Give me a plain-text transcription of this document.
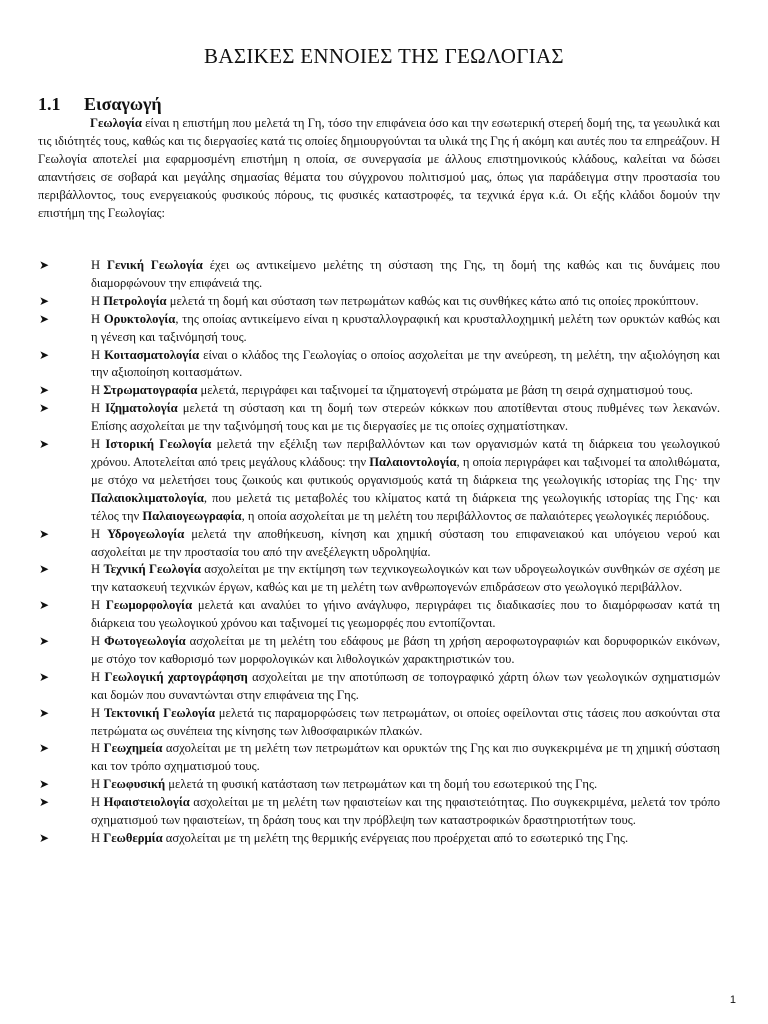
ΒΑΣΙΚΕΣ ΕΝΝΟΙΕΣ ΤΗΣ ΓΕΩΛΟΓΙΑΣ
1.1 Εισαγωγή
Γεωλογία είναι η επιστήμη που μελετά τη Γη, τόσο την επιφάνεια όσο και την εσωτερική στερεή δομή της, τα γεωυλικά και τις ιδιότητές τους, καθώς και τις διεργασίες κατά τις οποίες δημιουργούνται τα υλικά της Γης ή ακόμη και αυτές που τα επηρεάζουν. Η Γεωλογία αποτελεί μια εφαρμοσμένη επιστήμη η οποία, σε συνεργασία με άλλους επιστημονικούς κλάδους, καλείται να δώσει απαντήσεις σε σοβαρά και μεγάλης σημασίας θέματα του σύγχρονου πολιτισμού μας, όπως για παράδειγμα στην προστασία του περιβάλλοντος, τους ενεργειακούς φυσικούς πόρους, τις φυσικές καταστροφές, τα τεχνικά έργα κ.ά. Οι εξής κλάδοι δομούν την επιστήμη της Γεωλογίας:
➤	Η Γενική Γεωλογία έχει ως αντικείμενο μελέτης τη σύσταση της Γης, τη δομή της καθώς και τις δυνάμεις που διαμορφώνουν την επιφάνειά της.
➤	Η Πετρολογία μελετά τη δομή και σύσταση των πετρωμάτων καθώς και τις συνθήκες κάτω από τις οποίες προκύπτουν.
➤	Η Ορυκτολογία, της οποίας αντικείμενο είναι η κρυσταλλογραφική και κρυσταλλοχημική μελέτη των ορυκτών καθώς και η γένεση και ταξινόμησή τους.
➤	Η Κοιτασματολογία είναι ο κλάδος της Γεωλογίας ο οποίος ασχολείται με την ανεύρεση, τη μελέτη, την αξιολόγηση και την αξιοποίηση κοιτασμάτων.
➤	Η Στρωματογραφία μελετά, περιγράφει και ταξινομεί τα ιζηματογενή στρώματα με βάση τη σειρά σχηματισμού τους.
➤	Η Ιζηματολογία μελετά τη σύσταση και τη δομή των στερεών κόκκων που αποτίθενται στους πυθμένες των λεκανών. Επίσης ασχολείται με την ταξινόμησή τους και με τις διεργασίες με τις οποίες σχηματίστηκαν.
➤	Η Ιστορική Γεωλογία μελετά την εξέλιξη των περιβαλλόντων και των οργανισμών κατά τη διάρκεια του γεωλογικού χρόνου. Αποτελείται από τρεις μεγάλους κλάδους: την Παλαιοντολογία, η οποία περιγράφει και ταξινομεί τα απολιθώματα, με στόχο να μελετήσει τους ζωικούς και φυτικούς οργανισμούς κατά τη διάρκεια της γεωλογικής ιστορίας της Γης· την Παλαιοκλιματολογία, που μελετά τις μεταβολές του κλίματος κατά τη διάρκεια της γεωλογικής ιστορίας της Γης· και τέλος την Παλαιογεωγραφία, η οποία ασχολείται με τη μελέτη του περιβάλλοντος σε παλαιότερες γεωλογικές περιόδους.
➤	Η Υδρογεωλογία μελετά την αποθήκευση, κίνηση και χημική σύσταση του επιφανειακού και υπόγειου νερού και ασχολείται με την προστασία του από την ανεξέλεγκτη υδροληψία.
➤	Η Τεχνική Γεωλογία ασχολείται με την εκτίμηση των τεχνικογεωλογικών και των υδρογεωλογικών συνθηκών σε σχέση με την κατασκευή τεχνικών έργων, καθώς και με τη μελέτη των ανθρωπογενών επιδράσεων στο γεωλογικό περιβάλλον.
➤	Η Γεωμορφολογία μελετά και αναλύει το γήινο ανάγλυφο, περιγράφει τις διαδικασίες που το διαμόρφωσαν κατά τη διάρκεια του γεωλογικού χρόνου και ταξινομεί τις γεωμορφές που εντοπίζονται.
➤	Η Φωτογεωλογία ασχολείται με τη μελέτη του εδάφους με βάση τη χρήση αεροφωτογραφιών και δορυφορικών εικόνων, με στόχο τον καθορισμό των μορφολογικών και λιθολογικών χαρακτηριστικών του.
➤	Η Γεωλογική χαρτογράφηση ασχολείται με την αποτύπωση σε τοπογραφικό χάρτη όλων των γεωλογικών σχηματισμών και δομών που συναντώνται στην επιφάνεια της Γης.
➤	Η Τεκτονική Γεωλογία μελετά τις παραμορφώσεις των πετρωμάτων, οι οποίες οφείλονται στις τάσεις που ασκούνται στα πετρώματα ως συνέπεια της κίνησης των λιθοσφαιρικών πλακών.
➤	Η Γεωχημεία ασχολείται με τη μελέτη των πετρωμάτων και ορυκτών της Γης και πιο συγκεκριμένα με τη χημική σύσταση και τον τρόπο σχηματισμού τους.
➤	Η Γεωφυσική μελετά τη φυσική κατάσταση των πετρωμάτων και τη δομή του εσωτερικού της Γης.
➤	Η Ηφαιστειολογία ασχολείται με τη μελέτη των ηφαιστείων και της ηφαιστειότητας. Πιο συγκεκριμένα, μελετά τον τρόπο σχηματισμού των ηφαιστείων, τη δράση τους και την πρόβλεψη των καταστροφικών δραστηριοτήτων τους.
➤	Η Γεωθερμία ασχολείται με τη μελέτη της θερμικής ενέργειας που προέρχεται από το εσωτερικό της Γης.
1
